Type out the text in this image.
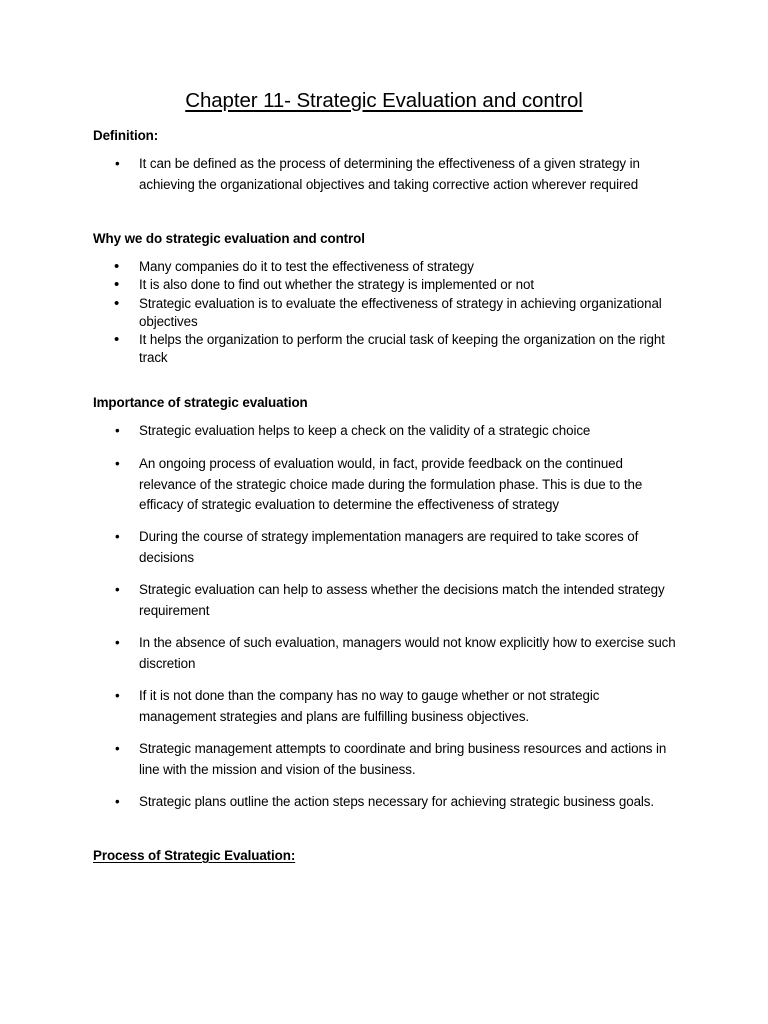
Chapter 11- Strategic Evaluation and control
Definition:
• It can be defined as the process of determining the effectiveness of a given strategy in achieving the organizational objectives and taking corrective action wherever required
Why we do strategic evaluation and control
• Many companies do it to test the effectiveness of strategy
• It is also done to find out whether the strategy is implemented or not
• Strategic evaluation is to evaluate the effectiveness of strategy in achieving organizational objectives
• It helps the organization to perform the crucial task of keeping the organization on the right track
Importance of strategic evaluation
• Strategic evaluation helps to keep a check on the validity of a strategic choice
• An ongoing process of evaluation would, in fact, provide feedback on the continued relevance of the strategic choice made during the formulation phase. This is due to the efficacy of strategic evaluation to determine the effectiveness of strategy
• During the course of strategy implementation managers are required to take scores of decisions
• Strategic evaluation can help to assess whether the decisions match the intended strategy requirement
• In the absence of such evaluation, managers would not know explicitly how to exercise such discretion
• If it is not done than the company has no way to gauge whether or not strategic management strategies and plans are fulfilling business objectives.
• Strategic management attempts to coordinate and bring business resources and actions in line with the mission and vision of the business.
• Strategic plans outline the action steps necessary for achieving strategic business goals.
Process of Strategic Evaluation:
